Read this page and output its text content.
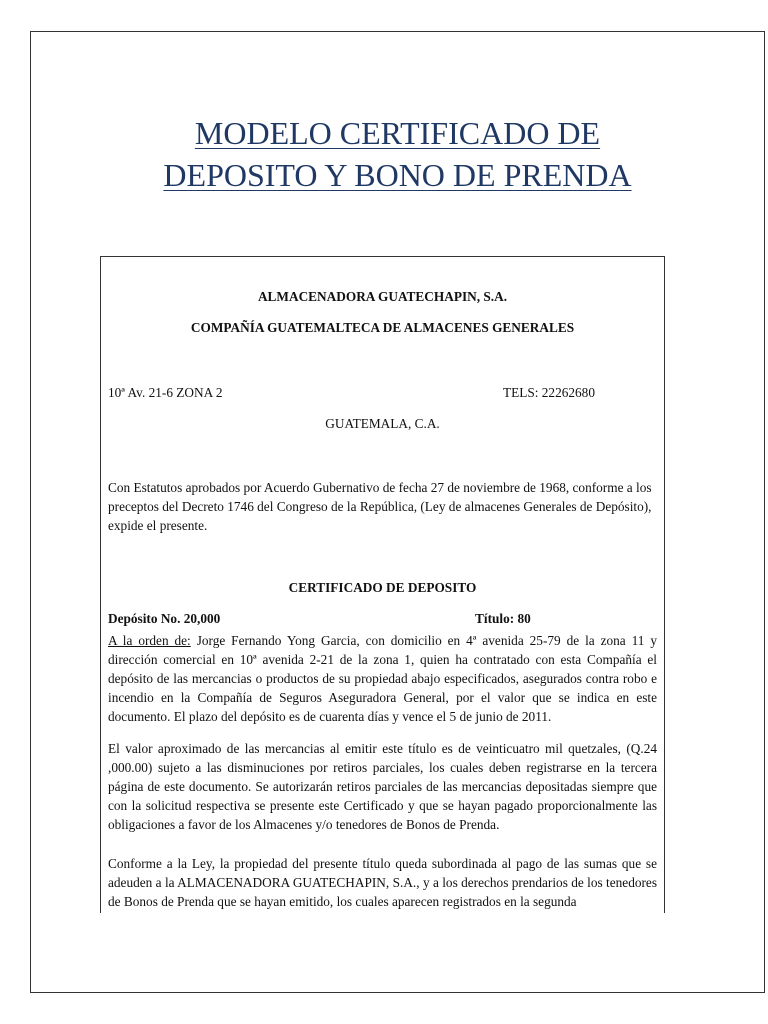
MODELO CERTIFICADO DE
DEPOSITO Y BONO DE PRENDA
ALMACENADORA GUATECHAPIN, S.A.
COMPAÑÍA GUATEMALTECA DE ALMACENES GENERALES
10ª Av. 21-6 ZONA 2	TELS: 22262680
GUATEMALA, C.A.
Con Estatutos aprobados por Acuerdo Gubernativo de fecha 27 de noviembre de 1968, conforme a los preceptos del Decreto 1746 del Congreso de la República, (Ley de almacenes Generales de Depósito), expide el presente.
CERTIFICADO DE DEPOSITO
Depósito No. 20,000	Título: 80
A la orden de: Jorge Fernando Yong Garcia, con domicilio en 4ª avenida 25-79 de la zona 11 y dirección comercial en 10ª avenida 2-21 de la zona 1, quien ha contratado con esta Compañía el depósito de las mercancias o productos de su propiedad abajo especificados, asegurados contra robo e incendio en la Compañía de Seguros Aseguradora General, por el valor que se indica en este documento. El plazo del depósito es de cuarenta días y vence el 5 de junio de 2011.
El valor aproximado de las mercancias al emitir este título es de veinticuatro mil quetzales, (Q.24 ,000.00) sujeto a las disminuciones por retiros parciales, los cuales deben registrarse en la tercera página de este documento. Se autorizarán retiros parciales de las mercancias depositadas siempre que con la solicitud respectiva se presente este Certificado y que se hayan pagado proporcionalmente las obligaciones a favor de los Almacenes y/o tenedores de Bonos de Prenda.
Conforme a la Ley, la propiedad del presente título queda subordinada al pago de las sumas que se adeuden a la ALMACENADORA GUATECHAPIN, S.A., y a los derechos prendarios de los tenedores de Bonos de Prenda que se hayan emitido, los cuales aparecen registrados en la segunda
